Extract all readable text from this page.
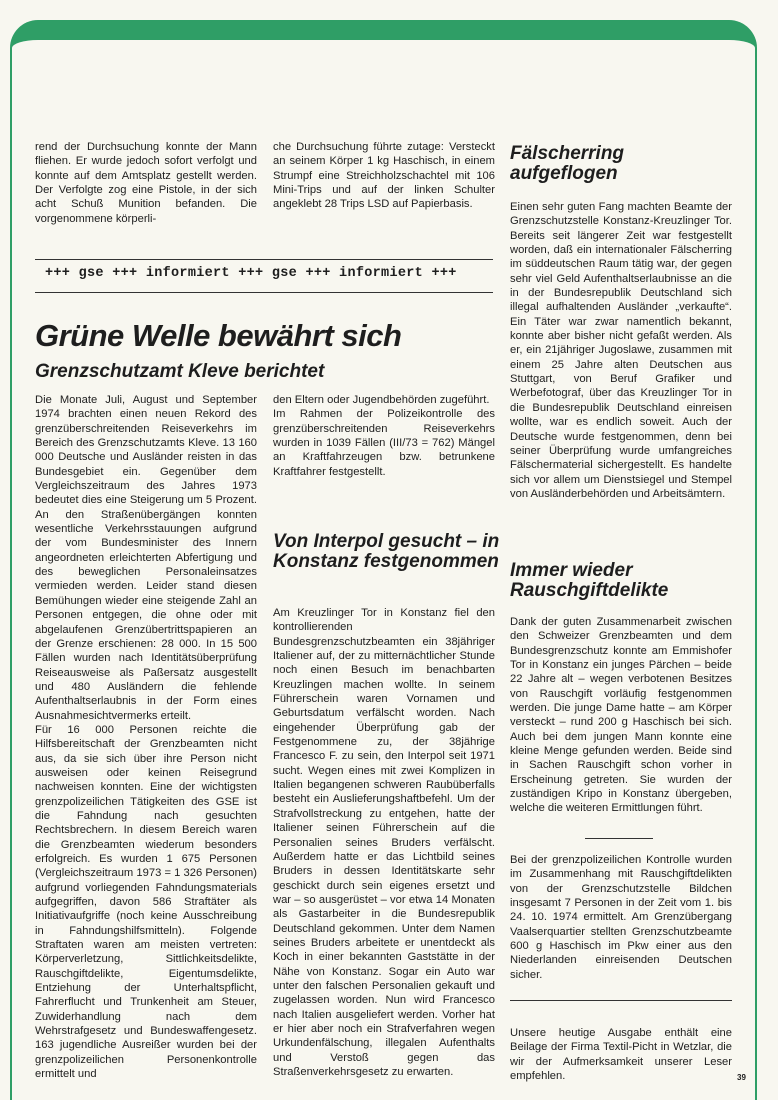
rend der Durchsuchung konnte der Mann fliehen. Er wurde jedoch sofort verfolgt und konnte auf dem Amtsplatz gestellt werden. Der Verfolgte zog eine Pistole, in der sich acht Schuß Munition befanden. Die vorgenommene körperli-

che Durchsuchung führte zutage: Versteckt an seinem Körper 1 kg Haschisch, in einem Strumpf eine Streichholzschachtel mit 106 Mini-Trips und auf der linken Schulter angeklebt 28 Trips LSD auf Papierbasis.

+++ gse +++ informiert +++ gse +++ informiert +++
Grüne Welle bewährt sich
Grenzschutzamt Kleve berichtet

Die Monate Juli, August und September 1974 brachten einen neuen Rekord des grenzüberschreitenden Reiseverkehrs im Bereich des Grenzschutzamts Kleve. 13 160 000 Deutsche und Ausländer reisten in das Bundesgebiet ein. Gegenüber dem Vergleichszeitraum des Jahres 1973 bedeutet dies eine Steigerung um 5 Prozent. An den Straßenübergängen konnten wesentliche Verkehrsstauungen aufgrund der vom Bundesminister des Innern angeordneten erleichterten Abfertigung und des beweglichen Personaleinsatzes vermieden werden. Leider stand diesen Bemühungen wieder eine steigende Zahl an Personen entgegen, die ohne oder mit abgelaufenen Grenzübertrittspapieren an der Grenze erschienen: 28 000. In 15 500 Fällen wurden nach Identitätsüberprüfung Reiseausweise als Paßersatz ausgestellt und 480 Ausländern die fehlende Aufenthaltserlaubnis in der Form eines Ausnahmesichtvermerks erteilt.

Für 16 000 Personen reichte die Hilfsbereitschaft der Grenzbeamten nicht aus, da sie sich über ihre Person nicht ausweisen oder keinen Reisegrund nachweisen konnten. Eine der wichtigsten grenzpolizeilichen Tätigkeiten des GSE ist die Fahndung nach gesuchten Rechtsbrechern. In diesem Bereich waren die Grenzbeamten wiederum besonders erfolgreich. Es wurden 1 675 Personen (Vergleichszeitraum 1973 = 1 326 Personen) aufgrund vorliegenden Fahndungsmaterials aufgegriffen, davon 586 Straftäter als Initiativaufgriffe (noch keine Ausschreibung in Fahndungshilfsmitteln). Folgende Straftaten waren am meisten vertreten: Körperverletzung, Sittlichkeitsdelikte, Rauschgiftdelikte, Eigentumsdelikte, Entziehung der Unterhaltspflicht, Fahrerflucht und Trunkenheit am Steuer, Zuwiderhandlung nach dem Wehrstrafgesetz und Bundeswaffengesetz. 163 jugendliche Ausreißer wurden bei der grenzpolizeilichen Personenkontrolle ermittelt und

den Eltern oder Jugendbehörden zugeführt.

Im Rahmen der Polizeikontrolle des grenzüberschreitenden Reiseverkehrs wurden in 1039 Fällen (III/73 = 762) Mängel an Kraftfahrzeugen bzw. betrunkene Kraftfahrer festgestellt.

Von Interpol gesucht – in Konstanz festgenommen

Am Kreuzlinger Tor in Konstanz fiel den kontrollierenden Bundesgrenzschutzbeamten ein 38jähriger Italiener auf, der zu mitternächtlicher Stunde noch einen Besuch im benachbarten Kreuzlingen machen wollte. In seinem Führerschein waren Vornamen und Geburtsdatum verfälscht worden. Nach eingehender Überprüfung gab der Festgenommene zu, der 38jährige Francesco F. zu sein, den Interpol seit 1971 sucht. Wegen eines mit zwei Komplizen in Italien begangenen schweren Raubüberfalls besteht ein Auslieferungshaftbefehl. Um der Strafvollstreckung zu entgehen, hatte der Italiener seinen Führerschein auf die Personalien seines Bruders verfälscht. Außerdem hatte er das Lichtbild seines Bruders in dessen Identitätskarte sehr geschickt durch sein eigenes ersetzt und war – so ausgerüstet – vor etwa 14 Monaten als Gastarbeiter in die Bundesrepublik Deutschland gekommen. Unter dem Namen seines Bruders arbeitete er unentdeckt als Koch in einer bekannten Gaststätte in der Nähe von Konstanz. Sogar ein Auto war unter den falschen Personalien gekauft und zugelassen worden. Nun wird Francesco nach Italien ausgeliefert werden. Vorher hat er hier aber noch ein Strafverfahren wegen Urkundenfälschung, illegalen Aufenthalts und Verstoß gegen das Straßenverkehrsgesetz zu erwarten.

Fälscherring aufgeflogen

Einen sehr guten Fang machten Beamte der Grenzschutzstelle Konstanz-Kreuzlinger Tor. Bereits seit längerer Zeit war festgestellt worden, daß ein internationaler Fälscherring im süddeutschen Raum tätig war, der gegen sehr viel Geld Aufenthaltserlaubnisse an die in der Bundesrepublik Deutschland sich illegal aufhaltenden Ausländer „verkaufte“. Ein Täter war zwar namentlich bekannt, konnte aber bisher nicht gefaßt werden. Als er, ein 21jähriger Jugoslawe, zusammen mit einem 25 Jahre alten Deutschen aus Stuttgart, von Beruf Grafiker und Werbefotograf, über das Kreuzlinger Tor in die Bundesrepublik Deutschland einreisen wollte, war es endlich soweit. Auch der Deutsche wurde festgenommen, denn bei seiner Überprüfung wurde umfangreiches Fälschermaterial sichergestellt. Es handelte sich vor allem um Dienstsiegel und Stempel von Ausländerbehörden und Arbeitsämtern.

Immer wieder Rauschgiftdelikte

Dank der guten Zusammenarbeit zwischen den Schweizer Grenzbeamten und dem Bundesgrenzschutz konnte am Emmishofer Tor in Konstanz ein junges Pärchen – beide 22 Jahre alt – wegen verbotenen Besitzes von Rauschgift vorläufig festgenommen werden. Die junge Dame hatte – am Körper versteckt – rund 200 g Haschisch bei sich. Auch bei dem jungen Mann konnte eine kleine Menge gefunden werden. Beide sind in Sachen Rauschgift schon vorher in Erscheinung getreten. Sie wurden der zuständigen Kripo in Konstanz übergeben, welche die weiteren Ermittlungen führt.

Bei der grenzpolizeilichen Kontrolle wurden im Zusammenhang mit Rauschgiftdelikten von der Grenzschutzstelle Bildchen insgesamt 7 Personen in der Zeit vom 1. bis 24. 10. 1974 ermittelt. Am Grenzübergang Vaalserquartier stellten Grenzschutzbeamte 600 g Haschisch im Pkw einer aus den Niederlanden einreisenden Deutschen sicher.

Unsere heutige Ausgabe enthält eine Beilage der Firma Textil-Picht in Wetzlar, die wir der Aufmerksamkeit unserer Leser empfehlen.	39
